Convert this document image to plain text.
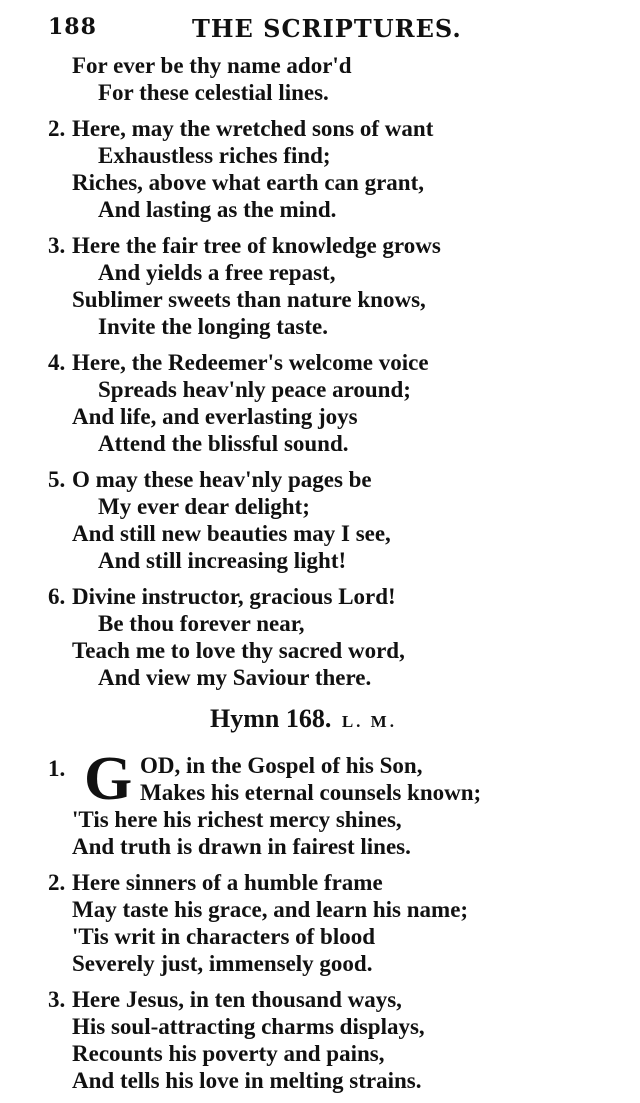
188	THE SCRIPTURES.
For ever be thy name ador'd
For these celestial lines.
2. Here, may the wretched sons of want
Exhaustless riches find;
Riches, above what earth can grant,
And lasting as the mind.
3. Here the fair tree of knowledge grows
And yields a free repast,
Sublimer sweets than nature knows,
Invite the longing taste.
4. Here, the Redeemer's welcome voice
Spreads heav'nly peace around;
And life, and everlasting joys
Attend the blissful sound.
5. O may these heav'nly pages be
My ever dear delight;
And still new beauties may I see,
And still increasing light!
6. Divine instructor, gracious Lord!
Be thou forever near,
Teach me to love thy sacred word,
And view my Saviour there.
Hymn 168. L. M.
1. G OD, in the Gospel of his Son,
Makes his eternal counsels known;
'Tis here his richest mercy shines,
And truth is drawn in fairest lines.
2. Here sinners of a humble frame
May taste his grace, and learn his name;
'Tis writ in characters of blood
Severely just, immensely good.
3. Here Jesus, in ten thousand ways,
His soul-attracting charms displays,
Recounts his poverty and pains,
And tells his love in melting strains.
